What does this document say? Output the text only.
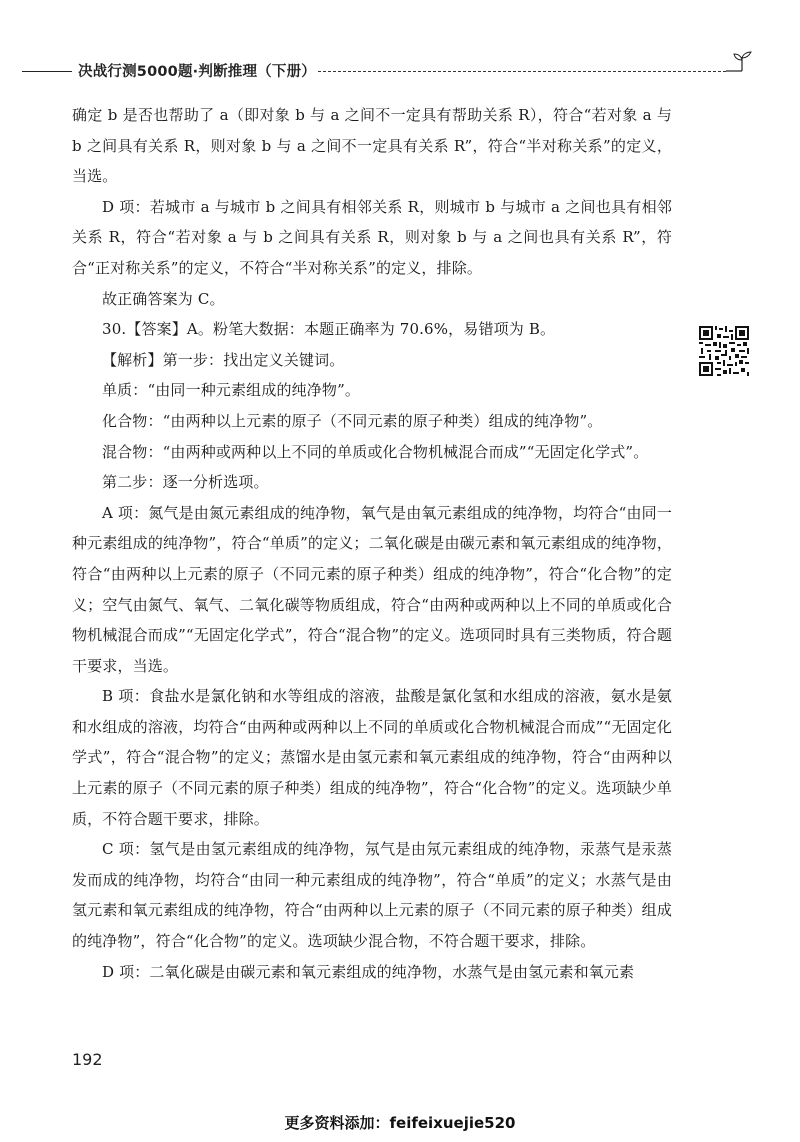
决战行测5000题·判断推理（下册）

确定 b 是否也帮助了 a（即对象 b 与 a 之间不一定具有帮助关系 R），符合“若对象 a 与 b 之间具有关系 R，则对象 b 与 a 之间不一定具有关系 R”，符合“半对称关系”的定义，当选。

D 项：若城市 a 与城市 b 之间具有相邻关系 R，则城市 b 与城市 a 之间也具有相邻关系 R，符合“若对象 a 与 b 之间具有关系 R，则对象 b 与 a 之间也具有关系 R”，符合“正对称关系”的定义，不符合“半对称关系”的定义，排除。

故正确答案为 C。

30.【答案】A。粉笔大数据：本题正确率为 70.6%，易错项为 B。

【解析】第一步：找出定义关键词。

单质：“由同一种元素组成的纯净物”。

化合物：“由两种以上元素的原子（不同元素的原子种类）组成的纯净物”。

混合物：“由两种或两种以上不同的单质或化合物机械混合而成”“无固定化学式”。

第二步：逐一分析选项。

A 项：氮气是由氮元素组成的纯净物，氧气是由氧元素组成的纯净物，均符合“由同一种元素组成的纯净物”，符合“单质”的定义；二氧化碳是由碳元素和氧元素组成的纯净物，符合“由两种以上元素的原子（不同元素的原子种类）组成的纯净物”，符合“化合物”的定义；空气由氮气、氧气、二氧化碳等物质组成，符合“由两种或两种以上不同的单质或化合物机械混合而成”“无固定化学式”，符合“混合物”的定义。选项同时具有三类物质，符合题干要求，当选。

B 项：食盐水是氯化钠和水等组成的溶液，盐酸是氯化氢和水组成的溶液，氨水是氨和水组成的溶液，均符合“由两种或两种以上不同的单质或化合物机械混合而成”“无固定化学式”，符合“混合物”的定义；蒸馏水是由氢元素和氧元素组成的纯净物，符合“由两种以上元素的原子（不同元素的原子种类）组成的纯净物”，符合“化合物”的定义。选项缺少单质，不符合题干要求，排除。

C 项：氢气是由氢元素组成的纯净物，氖气是由氖元素组成的纯净物，汞蒸气是汞蒸发而成的纯净物，均符合“由同一种元素组成的纯净物”，符合“单质”的定义；水蒸气是由氢元素和氧元素组成的纯净物，符合“由两种以上元素的原子（不同元素的原子种类）组成的纯净物”，符合“化合物”的定义。选项缺少混合物，不符合题干要求，排除。

D 项：二氧化碳是由碳元素和氧元素组成的纯净物，水蒸气是由氢元素和氧元素

192
更多资料添加：feifeixuejie520
